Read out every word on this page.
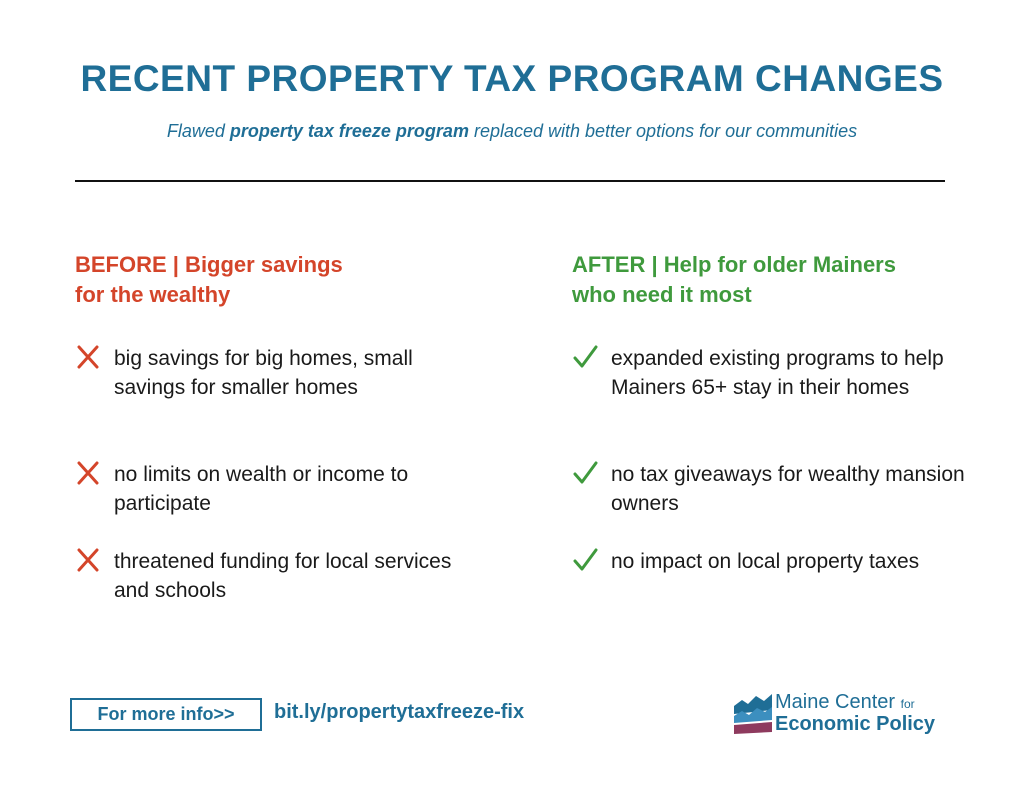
RECENT PROPERTY TAX PROGRAM CHANGES
Flawed property tax freeze program replaced with better options for our communities
BEFORE | Bigger savings
for the wealthy
big savings for big homes, small savings for smaller homes
no limits on wealth or income to participate
threatened funding for local services and schools
AFTER | Help for older Mainers
who need it most
expanded existing programs to help Mainers 65+ stay in their homes
no tax giveaways for wealthy mansion owners
no impact on local property taxes
For more info>>	bit.ly/propertytaxfreeze-fix	Maine Center for
Economic Policy
